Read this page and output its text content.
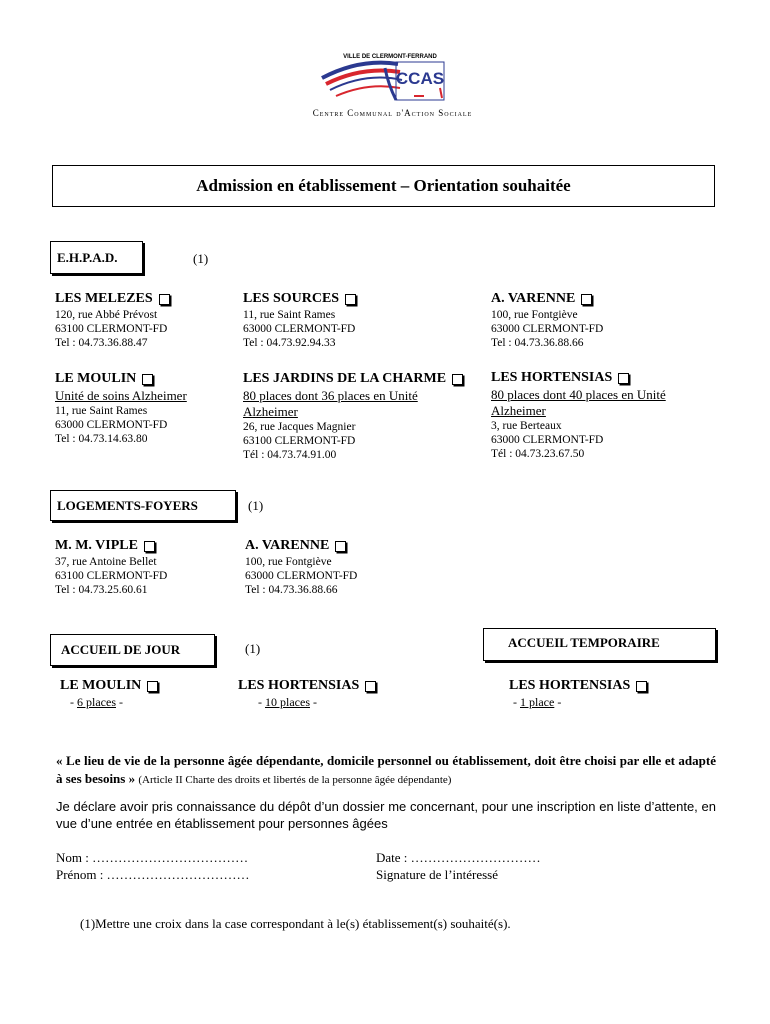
VILLE DE CLERMONT-FERRAND
CCAS
Centre Communal d'Action Sociale
Admission en établissement – Orientation souhaitée
E.H.P.A.D.	(1)
LES MELEZES
120, rue Abbé Prévost
63100 CLERMONT-FD
Tel : 04.73.36.88.47
LES SOURCES
11, rue Saint Rames
63000 CLERMONT-FD
Tel : 04.73.92.94.33
A. VARENNE
100, rue Fontgiève
63000 CLERMONT-FD
Tel : 04.73.36.88.66
LE MOULIN
Unité de soins Alzheimer
11, rue Saint Rames
63000 CLERMONT-FD
Tel : 04.73.14.63.80
LES JARDINS DE LA CHARME
80 places dont 36 places en Unité Alzheimer
26, rue Jacques Magnier
63100 CLERMONT-FD
Tél : 04.73.74.91.00
LES HORTENSIAS
80 places dont 40 places en Unité Alzheimer
3, rue Berteaux
63000 CLERMONT-FD
Tél : 04.73.23.67.50
LOGEMENTS-FOYERS	(1)
M. M. VIPLE
37, rue Antoine Bellet
63100 CLERMONT-FD
Tel : 04.73.25.60.61
A. VARENNE
100, rue Fontgiève
63000 CLERMONT-FD
Tel : 04.73.36.88.66
ACCUEIL DE JOUR	(1)	ACCUEIL TEMPORAIRE
LE MOULIN
- 6 places -
LES HORTENSIAS
- 10 places -
LES HORTENSIAS
- 1 place -
« Le lieu de vie de la personne âgée dépendante, domicile personnel ou établissement, doit être choisi par elle et adapté à ses besoins » (Article II Charte des droits et libertés de la personne âgée dépendante)
Je déclare avoir pris connaissance du dépôt d’un dossier me concernant, pour une inscription en liste d’attente, en vue d’une entrée en établissement pour personnes âgées
Nom : ………………………………
Prénom : ……………………………
Date : …………………………
Signature de l’intéressé
(1)Mettre une croix dans la case correspondant à le(s) établissement(s) souhaité(s).
